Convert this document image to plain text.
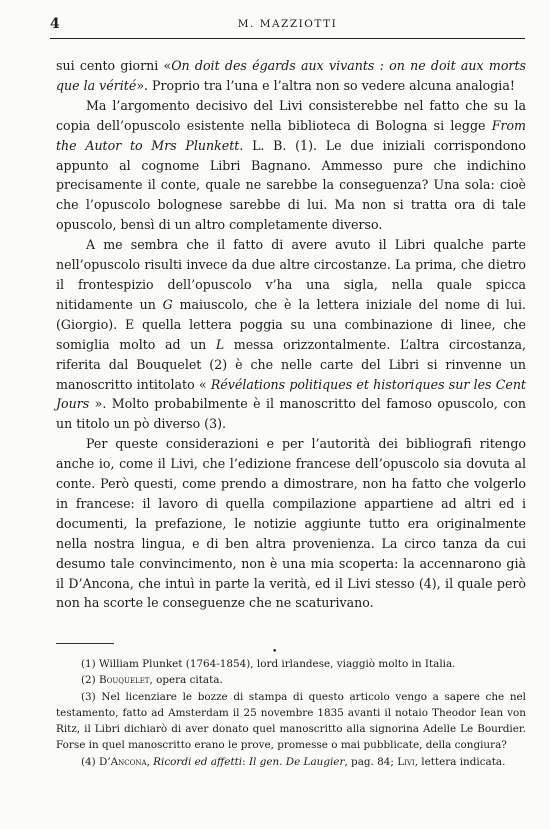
4	M. MAZZIOTTI

sui cento giorni «On doit des égards aux vivants : on ne doit aux morts que la vérité». Proprio tra l’una e l’altra non so vedere alcuna analogia!

Ma l’argomento decisivo del Livi consisterebbe nel fatto che su la copia dell’opuscolo esistente nella biblioteca di Bologna si legge From the Autor to Mrs Plunkett. L. B. (1). Le due iniziali corrispondono appunto al cognome Libri Bagnano. Ammesso pure che indichino precisamente il conte, quale ne sarebbe la conseguenza? Una sola: cioè che l’opuscolo bolognese sarebbe di lui. Ma non si tratta ora di tale opuscolo, bensì di un altro completamente diverso.

A me sembra che il fatto di avere avuto il Libri qualche parte nell’opuscolo risulti invece da due altre circostanze. La prima, che dietro il frontespizio dell’opuscolo v’ha una sigla, nella quale spicca nitidamente un G maiuscolo, che è la lettera iniziale del nome di lui. (Giorgio). E quella lettera poggia su una combinazione di linee, che somiglia molto ad un L messa orizzontalmente. L’altra circostanza, riferita dal Bouquelet (2) è che nelle carte del Libri si rinvenne un manoscritto intitolato « Révélations politiques et historiques sur les Cent Jours ». Molto probabilmente è il manoscritto del famoso opuscolo, con un titolo un pò diverso (3).

Per queste considerazioni e per l’autorità dei bibliografi ritengo anche io, come il Livi, che l’edizione francese dell’opuscolo sia dovuta al conte. Però questi, come prendo a dimostrare, non ha fatto che volgerlo in francese: il lavoro di quella compilazione appartiene ad altri ed i documenti, la prefazione, le notizie aggiunte tutto era originalmente nella nostra lingua, e di ben altra provenienza. La circo tanza da cui desumo tale convincimento, non è una mia scoperta: la accennarono già il D’Ancona, che intuì in parte la verità, ed il Livi stesso (4), il quale però non ha scorte le conseguenze che ne scaturivano.

•

(1) William Plunket (1764-1854), lord irlandese, viaggiò molto in Italia.

(2) Bouquelet, opera citata.

(3) Nel licenziare le bozze di stampa di questo articolo vengo a sapere che nel testamento, fatto ad Amsterdam il 25 novembre 1835 avanti il notaio Theodor Iean von Ritz, il Libri dichiarò di aver donato quel manoscritto alla signorina Adelle Le Bourdier. Forse in quel manoscritto erano le prove, promesse o mai pubblicate, della congiura?

(4) D’Ancona, Ricordi ed affetti: Il gen. De Laugier, pag. 84; Livi, lettera indicata.
